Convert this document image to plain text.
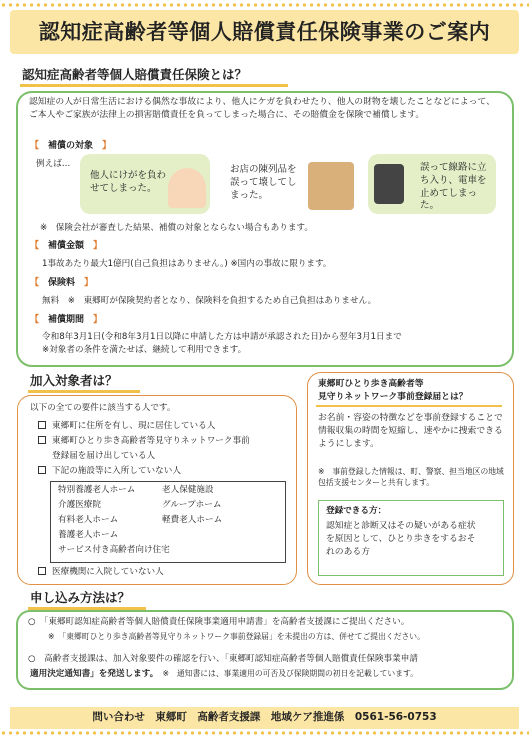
認知症高齢者等個人賠償責任保険事業のご案内
認知症高齢者等個人賠償責任保険とは？
認知症の人が日常生活における偶然な事故により、他人にケガを負わせたり、他人の財物を壊したことなどによって、ご本人やご家族が法律上の損害賠償責任を負ってしまった場合に、その賠償金を保険で補償します。
【　 補償の対象　 】
例えば…
他人にけがを負わせてしまった。
お店の陳列品を誤って壊してしまった。
誤って線路に立ち入り、電車を止めてしまった。
※　保険会社が審査した結果、補償の対象とならない場合もあります。
【　 補償金額　 】
1事故あたり最大1億円(自己負担はありません。) ※国内の事故に限ります。
【　 保険料　 】
無料　※　東郷町が保険契約者となり、保険料を負担するため自己負担はありません。
【　 補償期間　 】
令和8年3月1日(令和8年3月1日以降に申請した方は申請が承認された日)から翌年3月1日まで
※対象者の条件を満たせば、継続して利用できます。
加入対象者は？
以下の全ての要件に該当する人です。
東郷町に住所を有し、現に居住している人
東郷町ひとり歩き高齢者等見守りネットワーク事前
登録届を届け出している人
下記の施設等に入所していない人
特別養護老人ホーム	老人保健施設
介護医療院	グループホーム
有料老人ホーム	軽費老人ホーム
養護老人ホーム
サービス付き高齢者向け住宅
医療機関に入院していない人
東郷町ひとり歩き高齢者等
見守りネットワーク事前登録届とは？
お名前・容姿の特徴などを事前登録することで情報収集の時間を短縮し、速やかに捜索できるようにします。
※　事前登録した情報は、町、警察、担当地区の地域包括支援センターと共有します。
登録できる方：
認知症と診断又はその疑いがある症状を原因として、ひとり歩きをするおそれのある方
申し込み方法は？
○　「東郷町認知症高齢者等個人賠償責任保険事業適用申請書」を高齢者支援課にご提出ください。
※　「東郷町ひとり歩き高齢者等見守りネットワーク事前登録届」を未提出の方は、併せてご提出ください。
○　高齢者支援課は、加入対象要件の確認を行い、「東郷町認知症高齢者等個人賠償責任保険事業申請
適用決定通知書」を発送します。　 ※　通知書には、事業適用の可否及び保険期間の初日を記載しています。
問い合わせ　東郷町　高齢者支援課　地域ケア推進係　0561-56-0753
